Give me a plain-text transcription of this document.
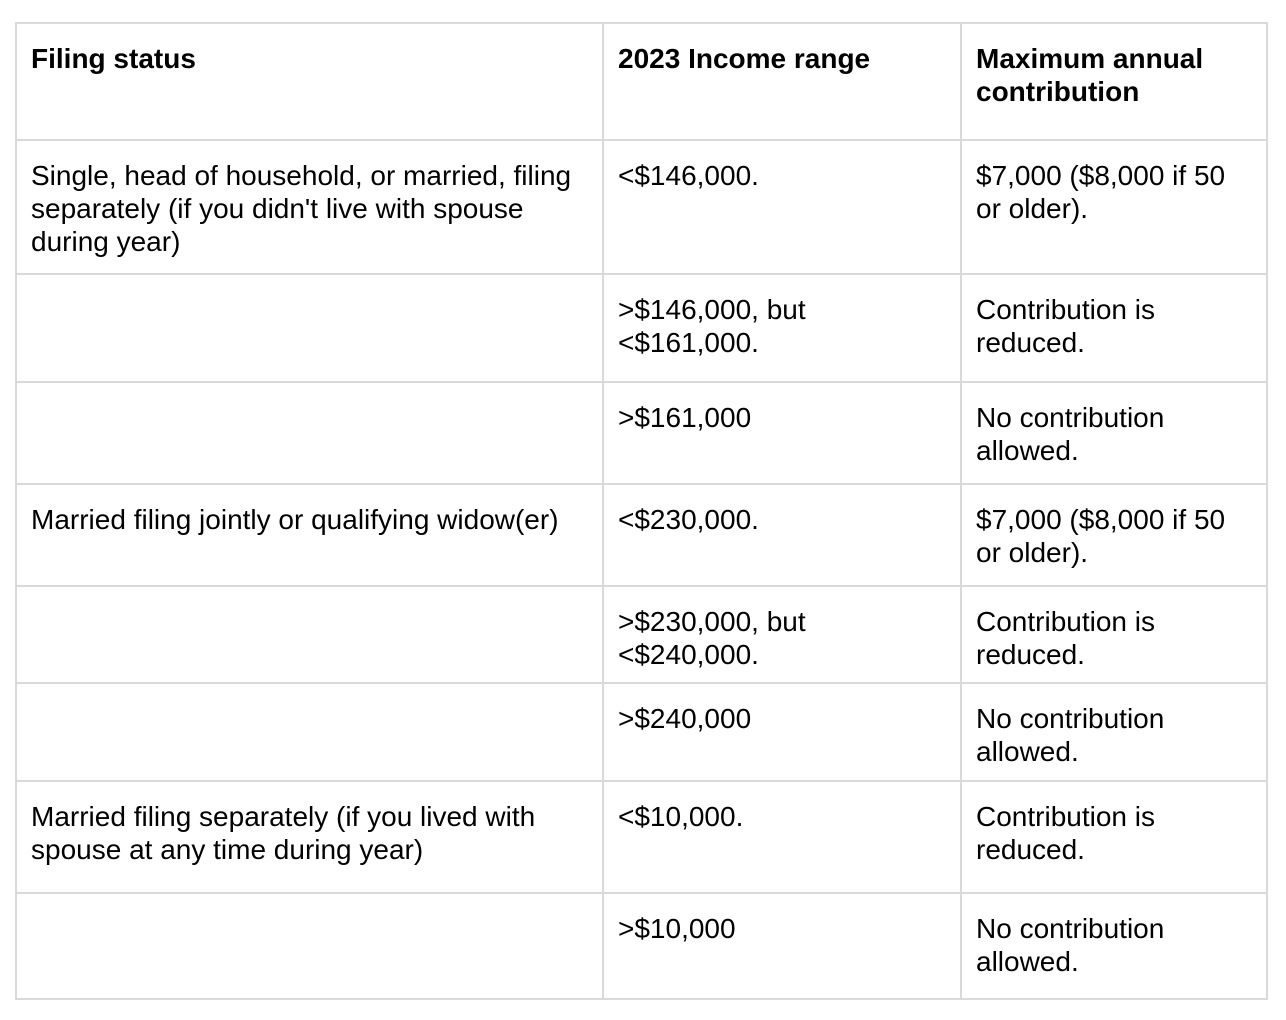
Filing status	2023 Income range	Maximum annual contribution

Single, head of household, or married, filing separately (if you didn't live with spouse during year)	<$146,000.	$7,000 ($8,000 if 50 or older).

	>$146,000, but <$161,000.	Contribution is reduced.

	>$161,000	No contribution allowed.

Married filing jointly or qualifying widow(er)	<$230,000.	$7,000 ($8,000 if 50 or older).

	>$230,000, but <$240,000.	Contribution is reduced.

	>$240,000	No contribution allowed.

Married filing separately (if you lived with spouse at any time during year)	<$10,000.	Contribution is reduced.

	>$10,000	No contribution allowed.
